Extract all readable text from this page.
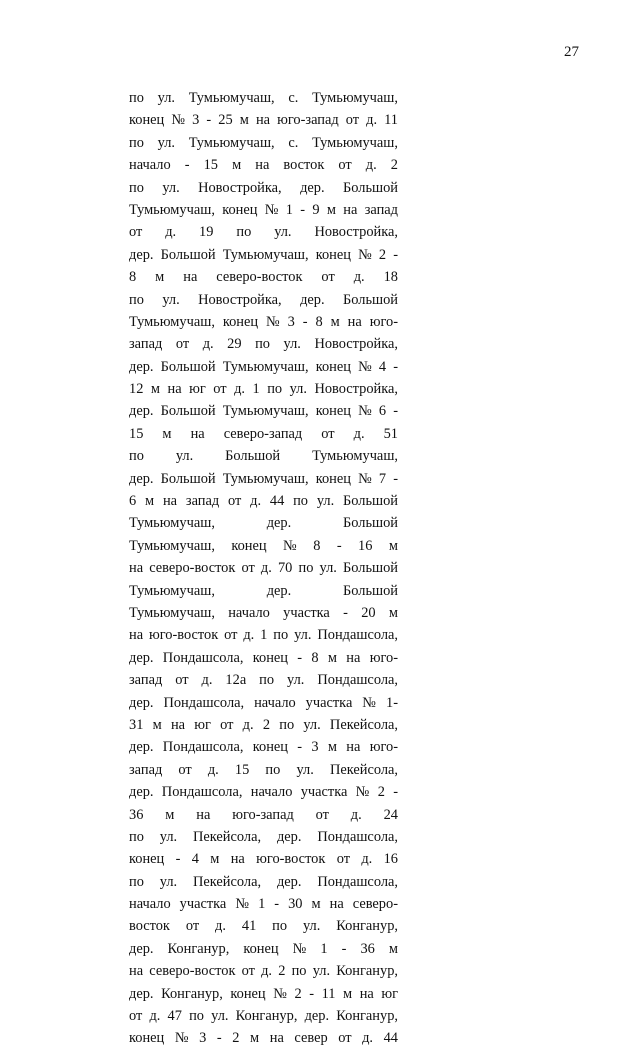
27
по ул. Тумьюмучаш, с. Тумьюмучаш,
конец № 3 - 25 м на юго-запад от д. 11
по ул. Тумьюмучаш, с. Тумьюмучаш,
начало - 15 м на восток от д. 2
по ул. Новостройка, дер. Большой
Тумьюмучаш, конец № 1 - 9 м на запад
от д. 19 по ул. Новостройка,
дер. Большой Тумьюмучаш, конец № 2 -
8 м на северо-восток от д. 18
по ул. Новостройка, дер. Большой
Тумьюмучаш, конец № 3 - 8 м на юго-
запад от д. 29 по ул. Новостройка,
дер. Большой Тумьюмучаш, конец № 4 -
12 м на юг от д. 1 по ул. Новостройка,
дер. Большой Тумьюмучаш, конец № 6 -
15 м на северо-запад от д. 51
по ул. Большой Тумьюмучаш,
дер. Большой Тумьюмучаш, конец № 7 -
6 м на запад от д. 44 по ул. Большой
Тумьюмучаш, дер. Большой
Тумьюмучаш, конец № 8 - 16 м
на северо-восток от д. 70 по ул. Большой
Тумьюмучаш, дер. Большой
Тумьюмучаш, начало участка - 20 м
на юго-восток от д. 1 по ул. Пондашсола,
дер. Пондашсола, конец - 8 м на юго-
запад от д. 12а по ул. Пондашсола,
дер. Пондашсола, начало участка № 1-
31 м на юг от д. 2 по ул. Пекейсола,
дер. Пондашсола, конец - 3 м на юго-
запад от д. 15 по ул. Пекейсола,
дер. Пондашсола, начало участка № 2 -
36 м на юго-запад от д. 24
по ул. Пекейсола, дер. Пондашсола,
конец - 4 м на юго-восток от д. 16
по ул. Пекейсола, дер. Пондашсола,
начало участка № 1 - 30 м на северо-
восток от д. 41 по ул. Конганур,
дер. Конганур, конец № 1 - 36 м
на северо-восток от д. 2 по ул. Конганур,
дер. Конганур, конец № 2 - 11 м на юг
от д. 47 по ул. Конганур, дер. Конганур,
конец № 3 - 2 м на север от д. 44
